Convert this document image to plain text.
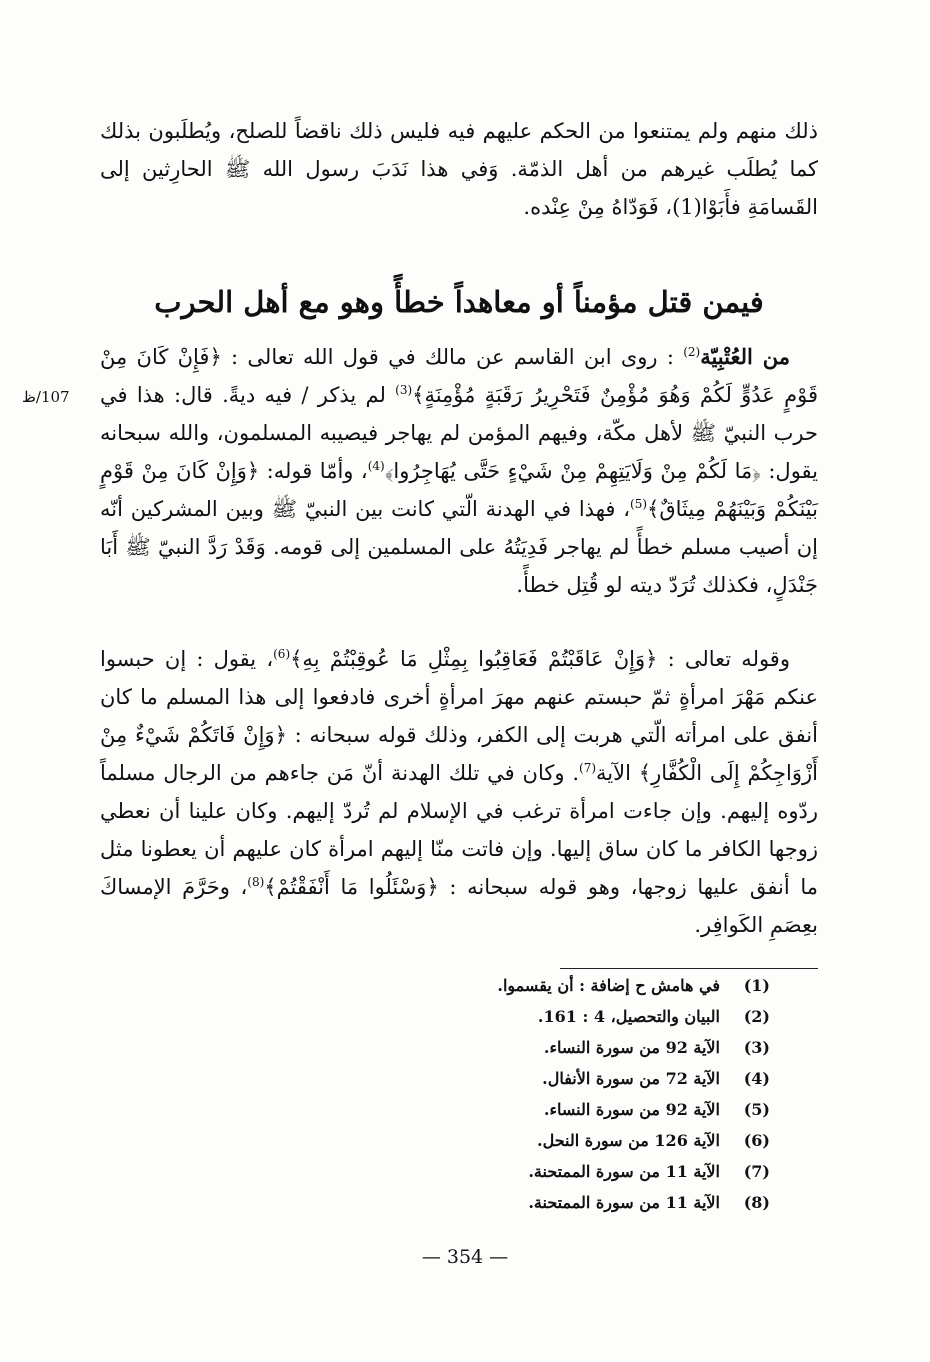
ذلك منهم ولم يمتنعوا من الحكم عليهم فيه فليس ذلك ناقضاً للصلح، ويُطلَبون بذلك كما يُطلَب غيرهم من أهل الذمّة. وَفي هذا نَدَبَ رسول الله ﷺ الحارِثين إلى القَسامَةِ فأَبَوْا(1)، فَوَدّاهُ مِنْ عِنْده.

فيمن قتل مؤمناً أو معاهداً خطأً وهو مع أهل الحرب
107/ظ

من العُتْبِيّة$^{(2)}$ : روى ابن القاسم عن مالك في قول الله تعالى : ﴿فَإِنْ كَانَ مِنْ قَوْمٍ عَدُوٍّ لَكُمْ وَهُوَ مُؤْمِنٌ فَتَحْرِيرُ رَقَبَةٍ مُؤْمِنَةٍ﴾$^{(3)}$ لم يذكر / فيه ديةً. قال: هذا في حرب النبيّ ﷺ لأهل مكّة، وفيهم المؤمن لم يهاجر فيصيبه المسلمون، والله سبحانه يقول: ﴿مَا لَكُمْ مِنْ وَلَايَتِهِمْ مِنْ شَيْءٍ حَتَّى يُهَاجِرُوا﴾$^{(4)}$، وأمّا قوله: ﴿وَإِنْ كَانَ مِنْ قَوْمٍ بَيْنَكُمْ وَبَيْنَهُمْ مِيثَاقٌ﴾$^{(5)}$، فهذا في الهدنة الّتي كانت بين النبيّ ﷺ وبين المشركين أنّه إن أصيب مسلم خطأً لم يهاجر فَدِيَتُهُ على المسلمين إلى قومه. وَقَدْ رَدَّ النبيّ ﷺ أَبَا جَنْدَلٍ، فكذلك تُرَدّ ديته لو قُتِل خطأً.

وقوله تعالى : ﴿وَإِنْ عَاقَبْتُمْ فَعَاقِبُوا بِمِثْلِ مَا عُوقِبْتُمْ بِهِ﴾$^{(6)}$، يقول : إن حبسوا عنكم مَهْرَ امرأةٍ ثمّ حبستم عنهم مهرَ امرأةٍ أخرى فادفعوا إلى هذا المسلم ما كان أنفق على امرأته الّتي هربت إلى الكفر، وذلك قوله سبحانه : ﴿وَإِنْ فَاتَكُمْ شَيْءٌ مِنْ أَزْوَاجِكُمْ إِلَى الْكُفَّارِ﴾ الآية$^{(7)}$. وكان في تلك الهدنة أنّ مَن جاءهم من الرجال مسلماً ردّوه إليهم. وإن جاءت امرأة ترغب في الإسلام لم تُردّ إليهم. وكان علينا أن نعطي زوجها الكافر ما كان ساق إليها. وإن فاتت منّا إليهم امرأة كان عليهم أن يعطونا مثل ما أنفق عليها زوجها، وهو قوله سبحانه : ﴿وَسْئَلُوا مَا أَنْفَقْتُمْ﴾$^{(8)}$، وحَرَّمَ الإمساكَ بعِصَمِ الكَوافِر.

(1)
في هامش ح إضافة : أن يقسموا.
(2)
البيان والتحصيل، 4 : 161.
(3)
الآية 92 من سورة النساء.
(4)
الآية 72 من سورة الأنفال.
(5)
الآية 92 من سورة النساء.
(6)
الآية 126 من سورة النحل.
(7)
الآية 11 من سورة الممتحنة.
(8)
الآية 11 من سورة الممتحنة.
— 354 —
